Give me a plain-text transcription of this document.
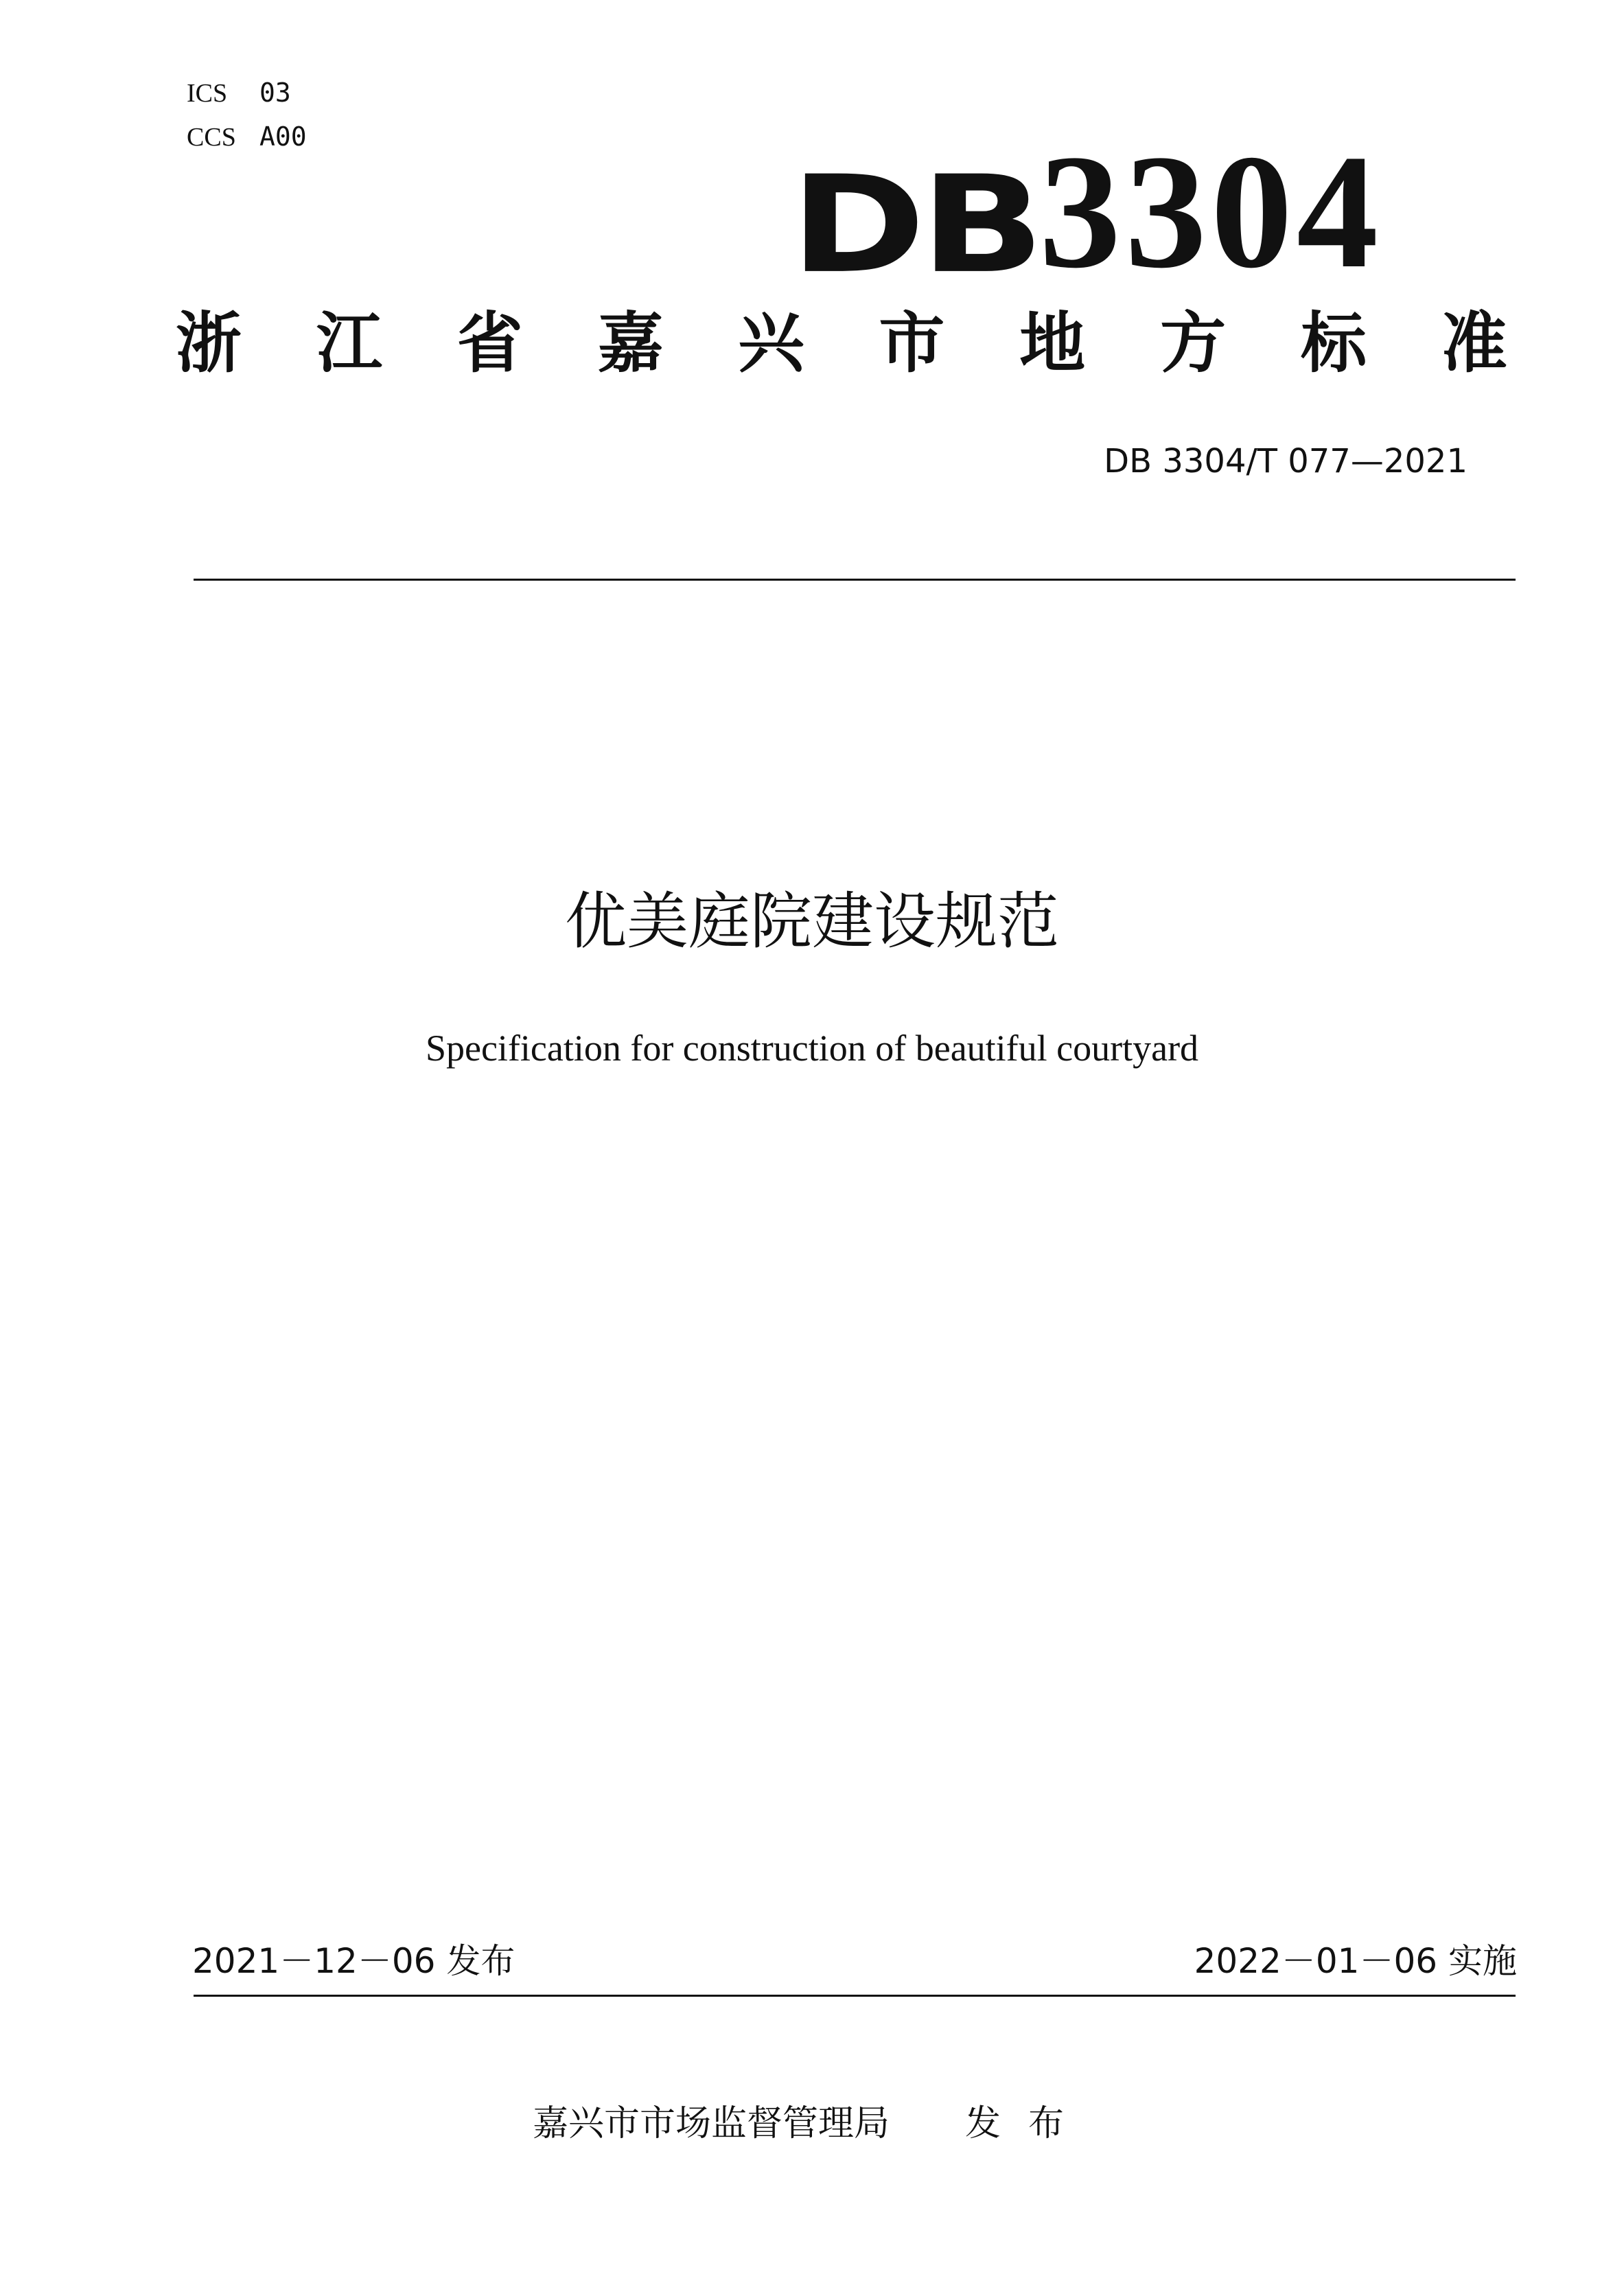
ICS 03
CCS A00
DB3304
浙 江 省 嘉 兴 市 地 方 标 准
DB 3304/T 077—2021
优美庭院建设规范
Specification for construction of beautiful courtyard
2021－12－06 发布	2022－01－06 实施
嘉兴市市场监督管理局 发布
